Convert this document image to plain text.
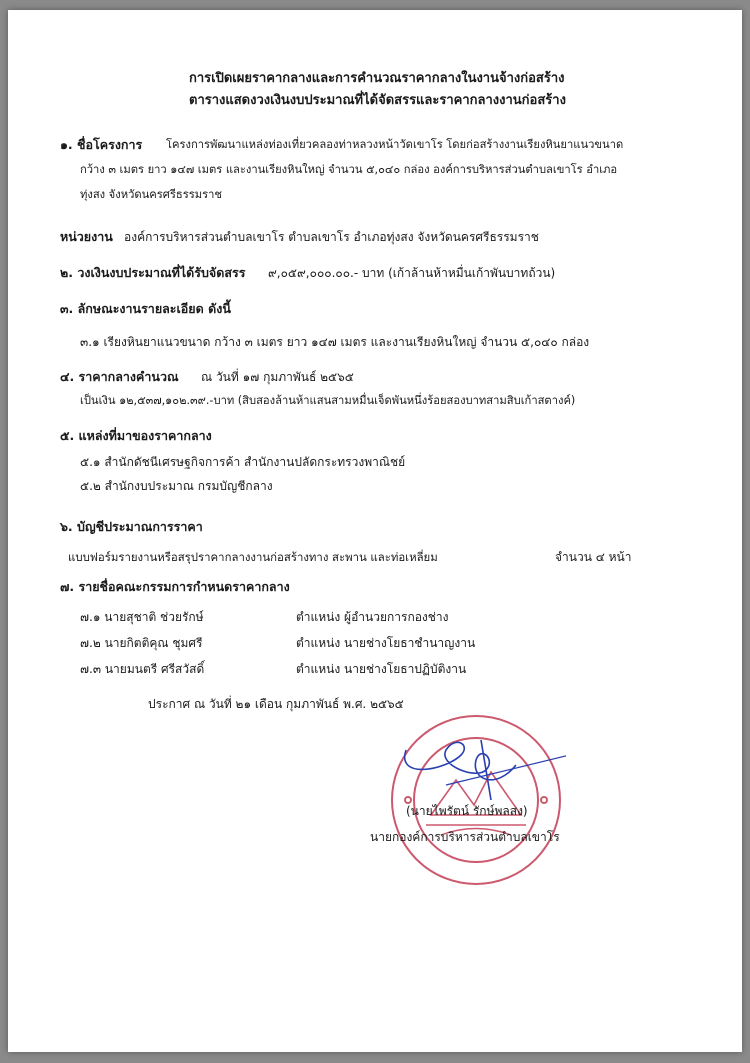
การเปิดเผยราคากลางและการคำนวณราคากลางในงานจ้างก่อสร้าง
ตารางแสดงวงเงินงบประมาณที่ได้จัดสรรและราคากลางงานก่อสร้าง
๑. ชื่อโครงการ โครงการพัฒนาแหล่งท่องเที่ยวคลองท่าหลวงหน้าวัดเขาโร โดยก่อสร้างงานเรียงหินยาแนวขนาด
กว้าง ๓ เมตร ยาว ๑๔๗ เมตร และงานเรียงหินใหญ่ จำนวน ๕,๐๔๐ กล่อง องค์การบริหารส่วนตำบลเขาโร อำเภอ
ทุ่งสง จังหวัดนครศรีธรรมราช
หน่วยงาน องค์การบริหารส่วนตำบลเขาโร ตำบลเขาโร อำเภอทุ่งสง จังหวัดนครศรีธรรมราช
๒. วงเงินงบประมาณที่ได้รับจัดสรร ๙,๐๕๙,๐๐๐.๐๐.- บาท (เก้าล้านห้าหมื่นเก้าพันบาทถ้วน)
๓. ลักษณะงานรายละเอียด ดังนี้
๓.๑ เรียงหินยาแนวขนาด กว้าง ๓ เมตร ยาว ๑๔๗ เมตร และงานเรียงหินใหญ่ จำนวน ๕,๐๔๐ กล่อง
๔. ราคากลางคำนวณ ณ วันที่ ๑๗ กุมภาพันธ์ ๒๕๖๕
เป็นเงิน ๑๒,๕๓๗,๑๐๒.๓๙.-บาท (สิบสองล้านห้าแสนสามหมื่นเจ็ดพันหนึ่งร้อยสองบาทสามสิบเก้าสตางค์)
๕. แหล่งที่มาของราคากลาง
๕.๑ สำนักดัชนีเศรษฐกิจการค้า สำนักงานปลัดกระทรวงพาณิชย์
๕.๒ สำนักงบประมาณ กรมบัญชีกลาง
๖. บัญชีประมาณการราคา
แบบฟอร์มรายงานหรือสรุปราคากลางงานก่อสร้างทาง สะพาน และท่อเหลี่ยม	จำนวน ๔ หน้า
๗. รายชื่อคณะกรรมการกำหนดราคากลาง
๗.๑ นายสุชาติ ช่วยรักษ์	ตำแหน่ง ผู้อำนวยการกองช่าง
๗.๒ นายกิตติคุณ ชุมศรี	ตำแหน่ง นายช่างโยธาชำนาญงาน
๗.๓ นายมนตรี ศรีสวัสดิ์	ตำแหน่ง นายช่างโยธาปฏิบัติงาน
ประกาศ ณ วันที่ ๒๑ เดือน กุมภาพันธ์ พ.ศ. ๒๕๖๕
(นายไพรัตน์ รักษ์พลสง)
นายกองค์การบริหารส่วนตำบลเขาโร
